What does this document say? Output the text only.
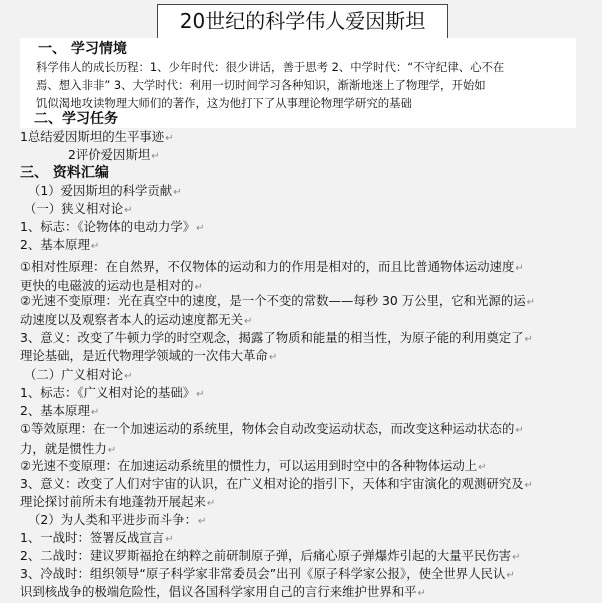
20世纪的科学伟人爱因斯坦
一、 学习情境
科学伟人的成长历程：1、少年时代：很少讲话，善于思考 2、中学时代：“不守纪律、心不在
焉、想入非非” 3、大学时代：利用一切时间学习各种知识，渐渐地迷上了物理学，开始如
饥似渴地攻读物理大师们的著作，这为他打下了从事理论物理学研究的基础
二、学习任务
1总结爱因斯坦的生平事迹↵
2评价爱因斯坦↵
三、 资料汇编
（1）爱因斯坦的科学贡献↵
（一）狭义相对论↵
1、标志：《论物体的电动力学》↵
2、基本原理↵
①相对性原理：在自然界，不仅物体的运动和力的作用是相对的，而且比普通物体运动速度↵
更快的电磁波的运动也是相对的↵
②光速不变原理：光在真空中的速度，是一个不变的常数——每秒 30 万公里，它和光源的运↵
动速度以及观察者本人的运动速度都无关↵
3、意义：改变了牛顿力学的时空观念，揭露了物质和能量的相当性，为原子能的利用奠定了↵
理论基础，是近代物理学领域的一次伟大革命↵
（二）广义相对论↵
1、标志：《广义相对论的基础》↵
2、基本原理↵
①等效原理：在一个加速运动的系统里，物体会自动改变运动状态，而改变这种运动状态的↵
力，就是惯性力↵
②光速不变原理：在加速运动系统里的惯性力，可以运用到时空中的各种物体运动上↵
3、意义：改变了人们对宇宙的认识，在广义相对论的指引下，天体和宇宙演化的观测研究及↵
理论探讨前所未有地蓬勃开展起来↵
（2）为人类和平进步而斗争：↵
1、一战时：签署反战宣言↵
2、二战时：建议罗斯福抢在纳粹之前研制原子弹，后痛心原子弹爆炸引起的大量平民伤害↵
3、冷战时：组织领导“原子科学家非常委员会”出刊《原子科学家公报》，使全世界人民认↵
识到核战争的极端危险性，倡议各国科学家用自己的言行来维护世界和平↵
